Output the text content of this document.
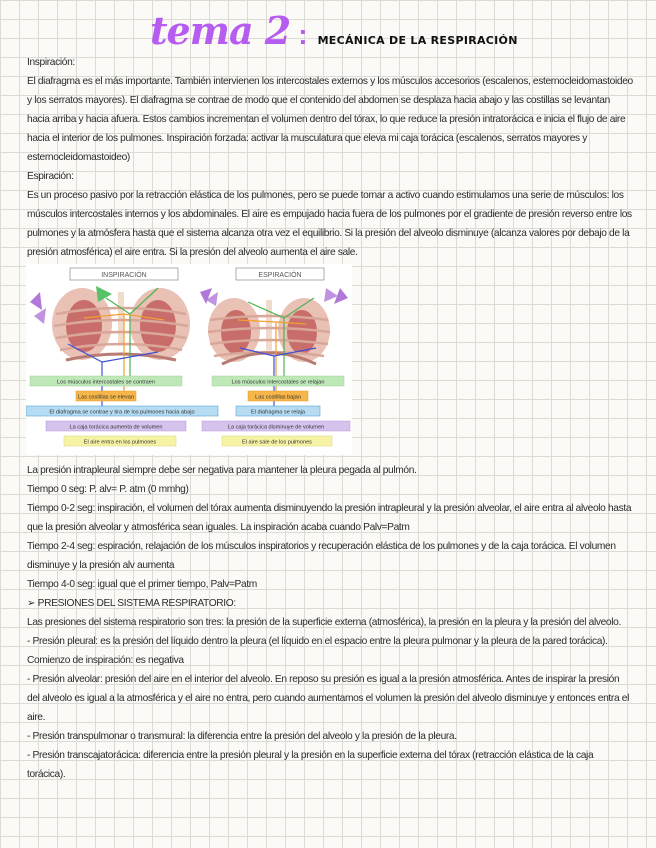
tema 2 : MECÁNICA DE LA RESPIRACIÓN

Inspiración:

El diafragma es el más importante. También intervienen los intercostales externos y los músculos accesorios (escalenos, esternocleidomastoideo y los serratos mayores). El diafragma se contrae de modo que el contenido del abdomen se desplaza hacia abajo y las costillas se levantan hacia arriba y hacia afuera. Estos cambios incrementan el volumen dentro del tórax, lo que reduce la presión intratorácica e inicia el flujo de aire hacia el interior de los pulmones. Inspiración forzada: activar la musculatura que eleva mi caja torácica (escalenos, serratos mayores y esternocleidomastoideo)

Espiración:

Es un proceso pasivo por la retracción elástica de los pulmones, pero se puede tornar a activo cuando estimulamos una serie de músculos: los músculos intercostales internos y los abdominales. El aire es empujado hacia fuera de los pulmones por el gradiente de presión reverso entre los pulmones y la atmósfera hasta que el sistema alcanza otra vez el equilibrio. Si la presión del alveolo disminuye (alcanza valores por debajo de la presión atmosférica) el aire entra. Si la presión del alveolo aumenta el aire sale.

INSPIRACIÓN	ESPIRACIÓN
Los músculos intercostales se contraen
Las costillas se elevan
El diafragma se contrae y tira de los pulmones hacia abajo
La caja torácica aumenta de volumen
El aire entra en los pulmones
Los músculos intercostales se relajan
Las costillas bajan
El diafragma se relaja
La caja torácica disminuye de volumen
El aire sale de los pulmones

La presión intrapleural siempre debe ser negativa para mantener la pleura pegada al pulmón.

Tiempo 0 seg: P. alv= P. atm (0 mmhg)

Tiempo 0-2 seg: inspiración, el volumen del tórax aumenta disminuyendo la presión intrapleural y la presión alveolar, el aire entra al alveolo hasta que la presión alveolar y atmosférica sean iguales. La inspiración acaba cuando Palv=Patm

Tiempo 2-4 seg: espiración, relajación de los músculos inspiratorios y recuperación elástica de los pulmones y de la caja torácica. El volumen disminuye y la presión alv aumenta

Tiempo 4-0 seg: igual que el primer tiempo, Palv=Patm

➢ PRESIONES DEL SISTEMA RESPIRATORIO:

Las presiones del sistema respiratorio son tres: la presión de la superficie externa (atmosférica), la presión en la pleura y la presión del alveolo.

- Presión pleural: es la presión del líquido dentro la pleura (el líquido en el espacio entre la pleura pulmonar y la pleura de la pared torácica). Comienzo de inspiración: es negativa

- Presión alveolar: presión del aire en el interior del alveolo. En reposo su presión es igual a la presión atmosférica. Antes de inspirar la presión del alveolo es igual a la atmosférica y el aire no entra, pero cuando aumentamos el volumen la presión del alveolo disminuye y entonces entra el aire.

- Presión transpulmonar o transmural: la diferencia entre la presión del alveolo y la presión de la pleura.

- Presión transcajatorácica: diferencia entre la presión pleural y la presión en la superficie externa del tórax (retracción elástica de la caja torácica).
